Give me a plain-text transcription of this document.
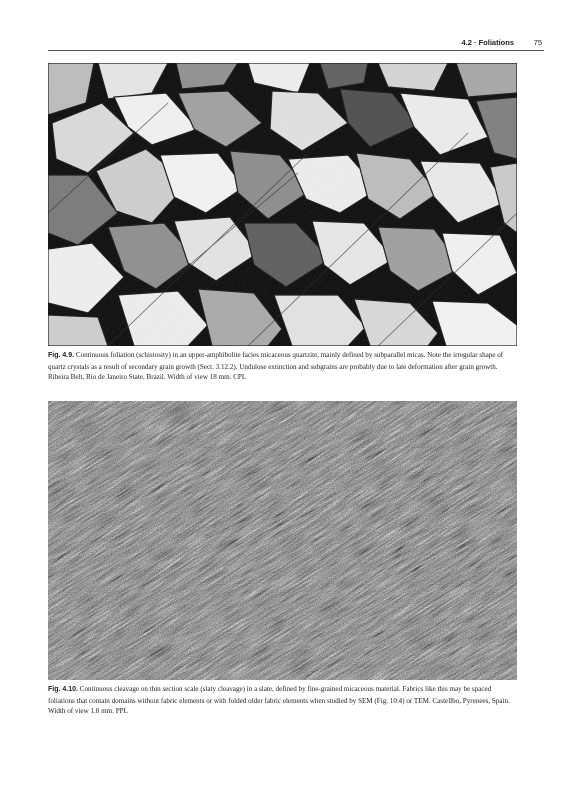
4.2 · Foliations	75
Fig. 4.9. Continuous foliation (schistosity) in an upper-amphibolite facies micaceous quartzite, mainly defined by subparallel micas. Note the irregular shape of quartz crystals as a result of secondary grain growth (Sect. 3.12.2). Undulose extinction and subgrains are probably due to late deformation after grain growth. Ribeira Belt, Rio de Janeiro State, Brazil. Width of view 18 mm. CPL
Fig. 4.10. Continuous cleavage on thin section scale (slaty cleavage) in a slate, defined by fine-grained micaceous material. Fabrics like this may be spaced foliations that contain domains without fabric elements or with folded older fabric elements when studied by SEM (Fig. 10.4) or TEM. Castellbo, Pyrenees, Spain. Width of view 1.8 mm. PPL
